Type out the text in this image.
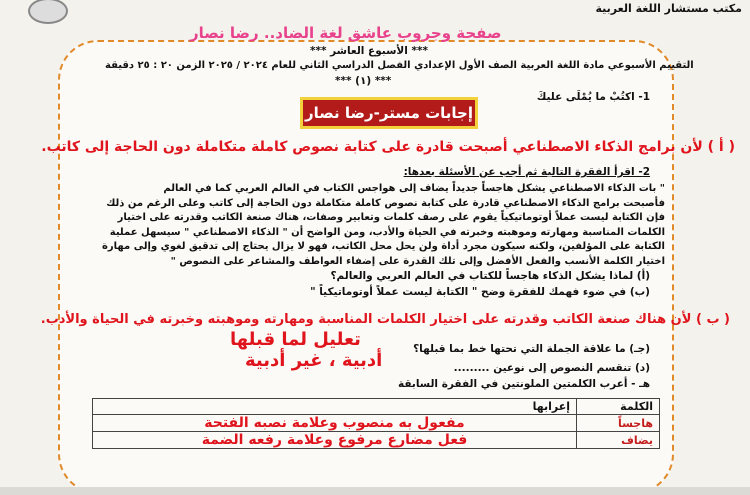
مكتب مستشار اللغة العربية
صفحة وجروب عاشق لغة الضاد.. رضا نصار
*** الأسبوع العاشر ***
التقييم الأسبوعي مادة اللغة العربية الصف الأول الإعدادي الفصل الدراسي الثاني للعام ٢٠٢٤ / ٢٠٢٥ الزمن ٢٠ : ٢٥ دقيقة
*** (١) ***
1- اكتُبْ ما يُمْلَى عليكَ
إجابات مستر-رضا نصار
( أ ) لأن برامج الذكاء الاصطناعي أصبحت قادرة على كتابة نصوص كاملة متكاملة دون الحاجة إلى كاتب.
2- اقرأ الفقرة التالية ثم أجب عن الأسئلة بعدها:
" بات الذكاء الاصطناعي يشكل هاجساً جديداً يضاف إلى هواجس الكتاب في العالم العربي كما في العالم
فأصبحت برامج الذكاء الاصطناعي قادرة على كتابة نصوص كاملة متكاملة دون الحاجة إلى كاتب وعلى الرغم من ذلك
فإن الكتابة ليست عملاً أوتوماتيكياً يقوم على رصف كلمات وتعابير وصفات، هناك صنعة الكاتب وقدرته على اختيار
الكلمات المناسبة ومهارته وموهبته وخبرته في الحياة والأدب، ومن الواضح أن " الذكاء الاصطناعي " سيسهل عملية
الكتابة على المؤلفين، ولكنه سيكون مجرد أداة ولن يحل محل الكاتب، فهو لا يزال يحتاج إلى تدقيق لغوي وإلى مهارة
اختيار الكلمة الأنسب والفعل الأفضل وإلى تلك القدرة على إضفاء العواطف والمشاعر على النصوص "
(أ) لماذا يشكل الذكاء هاجساً للكتاب في العالم العربي والعالم؟
(ب) في ضوء فهمك للفقرة وضح " الكتابة ليست عملاً أوتوماتيكياً "
( ب ) لأن هناك صنعة الكاتب وقدرته على اختيار الكلمات المناسبة ومهارته وموهبته وخبرته في الحياة والأدب.
(جـ) ما علاقة الجملة التي تحتها خط بما قبلها؟
تعليل لما قبلها
(د) تنقسم النصوص إلى نوعين .........
أدبية ، غير أدبية
هـ - أعرب الكلمتين الملونتين في الفقرة السابقة
الكلمة	إعرابها
هاجساً	مفعول به منصوب وعلامة نصبه الفتحة
يضاف	فعل مضارع مرفوع وعلامة رفعه الضمة
